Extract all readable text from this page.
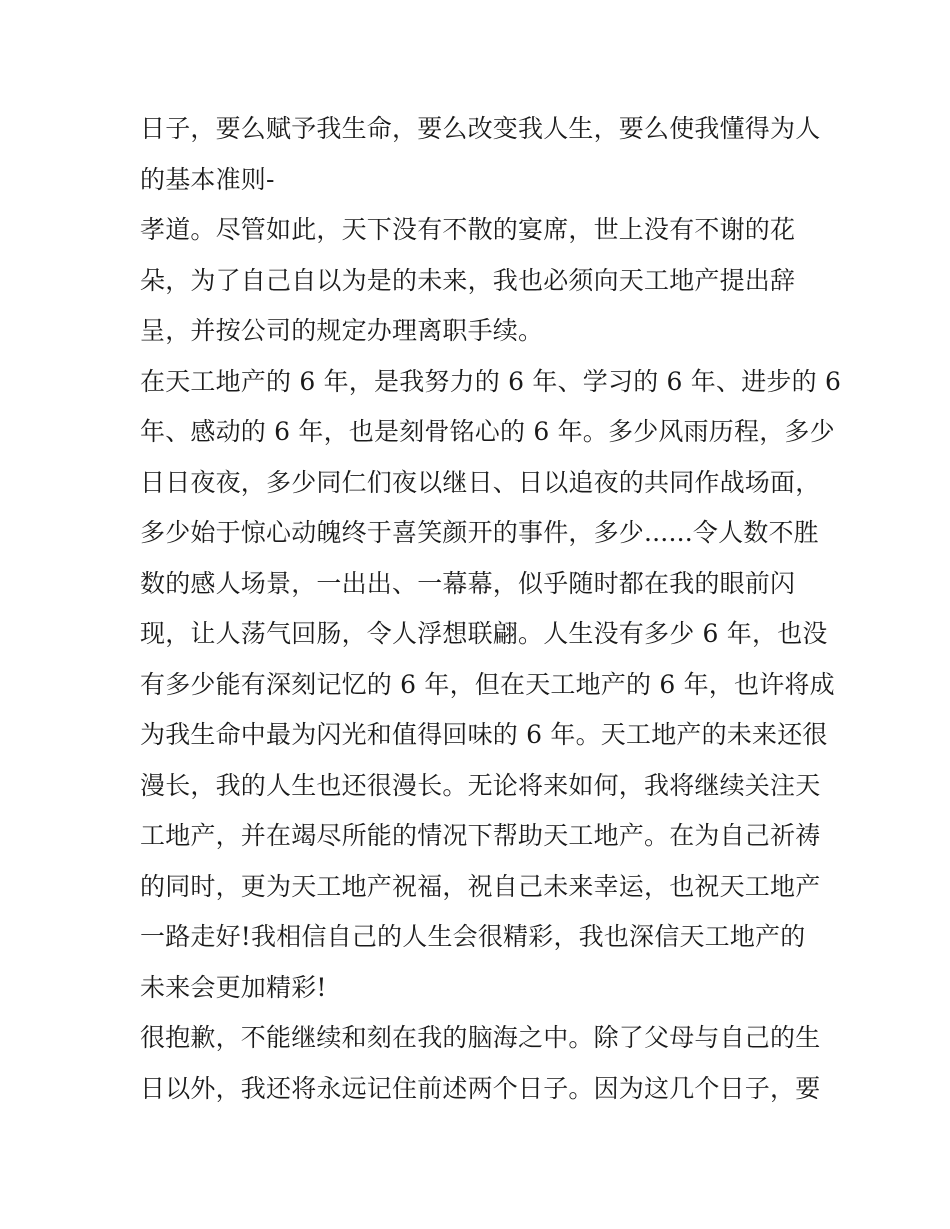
日子，要么赋予我生命，要么改变我人生，要么使我懂得为人
的基本准则-
孝道。尽管如此，天下没有不散的宴席，世上没有不谢的花
朵，为了自己自以为是的未来，我也必须向天工地产提出辞
呈，并按公司的规定办理离职手续。
在天工地产的 6 年，是我努力的 6 年、学习的 6 年、进步的 6
年、感动的 6 年，也是刻骨铭心的 6 年。多少风雨历程，多少
日日夜夜，多少同仁们夜以继日、日以追夜的共同作战场面，
多少始于惊心动魄终于喜笑颜开的事件，多少......令人数不胜
数的感人场景，一出出、一幕幕，似乎随时都在我的眼前闪
现，让人荡气回肠，令人浮想联翩。人生没有多少 6 年，也没
有多少能有深刻记忆的 6 年，但在天工地产的 6 年，也许将成
为我生命中最为闪光和值得回味的 6 年。天工地产的未来还很
漫长，我的人生也还很漫长。无论将来如何，我将继续关注天
工地产，并在竭尽所能的情况下帮助天工地产。在为自己祈祷
的同时，更为天工地产祝福，祝自己未来幸运，也祝天工地产
一路走好!我相信自己的人生会很精彩，我也深信天工地产的
未来会更加精彩!
很抱歉，不能继续和刻在我的脑海之中。除了父母与自己的生
日以外，我还将永远记住前述两个日子。因为这几个日子，要
